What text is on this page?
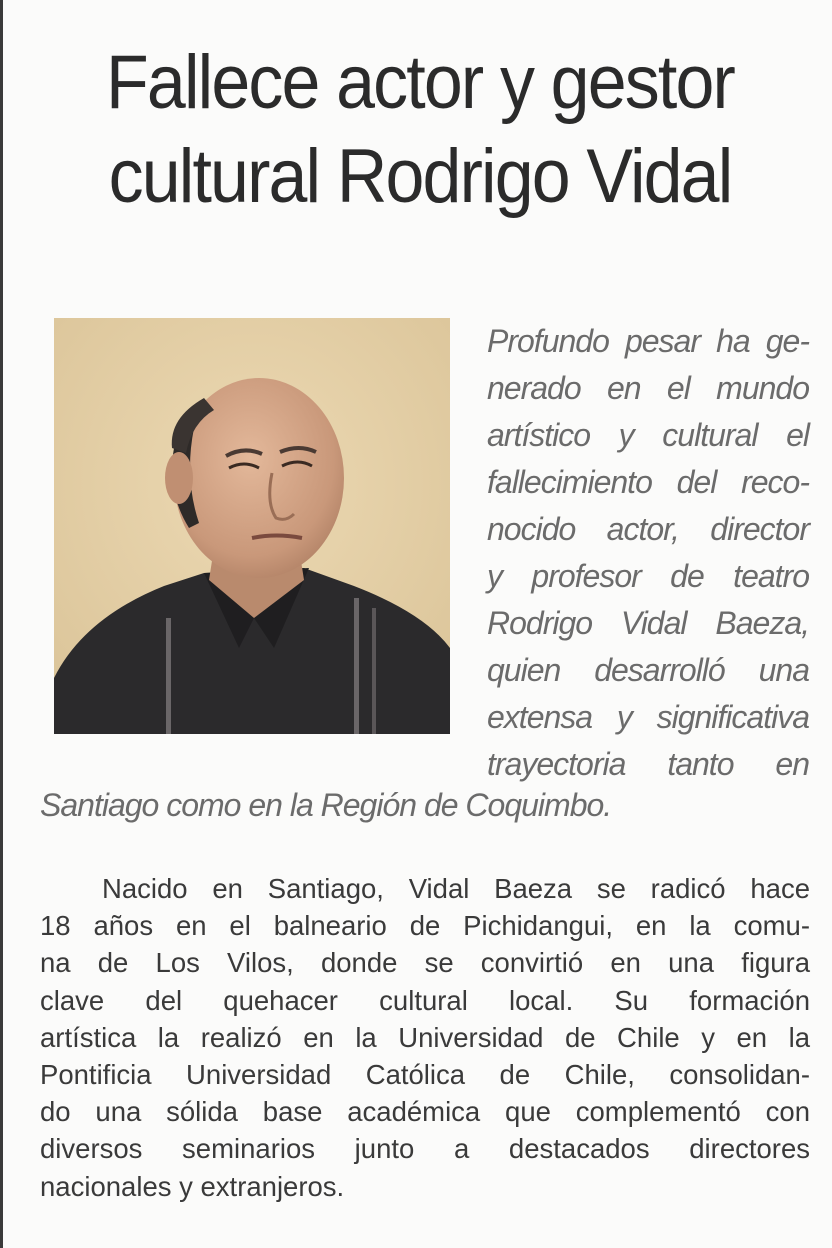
Fallece actor y gestor
cultural Rodrigo Vidal
Profundo pesar ha ge-
nerado en el mundo
artístico y cultural el
fallecimiento del reco-
nocido actor, director
y profesor de teatro
Rodrigo Vidal Baeza,
quien desarrolló una
extensa y significativa
trayectoria tanto en
Santiago como en la Región de Coquimbo.
Nacido en Santiago, Vidal Baeza se radicó hace
18 años en el balneario de Pichidangui, en la comu-
na de Los Vilos, donde se convirtió en una figura
clave del quehacer cultural local. Su formación
artística la realizó en la Universidad de Chile y en la
Pontificia Universidad Católica de Chile, consolidan-
do una sólida base académica que complementó con
diversos seminarios junto a destacados directores
nacionales y extranjeros.
